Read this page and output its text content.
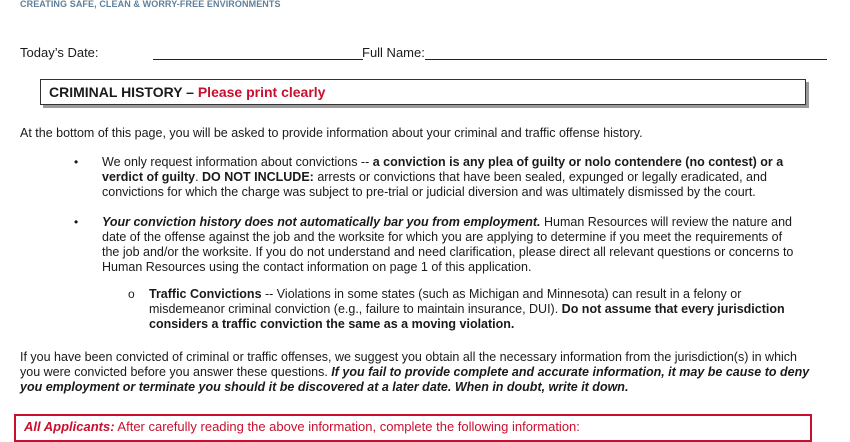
CREATING SAFE, CLEAN & WORRY-FREE ENVIRONMENTS
Today’s Date:	Full Name:
CRIMINAL HISTORY – Please print clearly
At the bottom of this page, you will be asked to provide information about your criminal and traffic offense history.
• We only request information about convictions -- a conviction is any plea of guilty or nolo contendere (no contest) or a verdict of guilty. DO NOT INCLUDE: arrests or convictions that have been sealed, expunged or legally eradicated, and convictions for which the charge was subject to pre-trial or judicial diversion and was ultimately dismissed by the court.
• Your conviction history does not automatically bar you from employment. Human Resources will review the nature and date of the offense against the job and the worksite for which you are applying to determine if you meet the requirements of the job and/or the worksite. If you do not understand and need clarification, please direct all relevant questions or concerns to Human Resources using the contact information on page 1 of this application.
o Traffic Convictions -- Violations in some states (such as Michigan and Minnesota) can result in a felony or misdemeanor criminal conviction (e.g., failure to maintain insurance, DUI). Do not assume that every jurisdiction considers a traffic conviction the same as a moving violation.
If you have been convicted of criminal or traffic offenses, we suggest you obtain all the necessary information from the jurisdiction(s) in which you were convicted before you answer these questions. If you fail to provide complete and accurate information, it may be cause to deny you employment or terminate you should it be discovered at a later date. When in doubt, write it down.
All Applicants: After carefully reading the above information, complete the following information:
